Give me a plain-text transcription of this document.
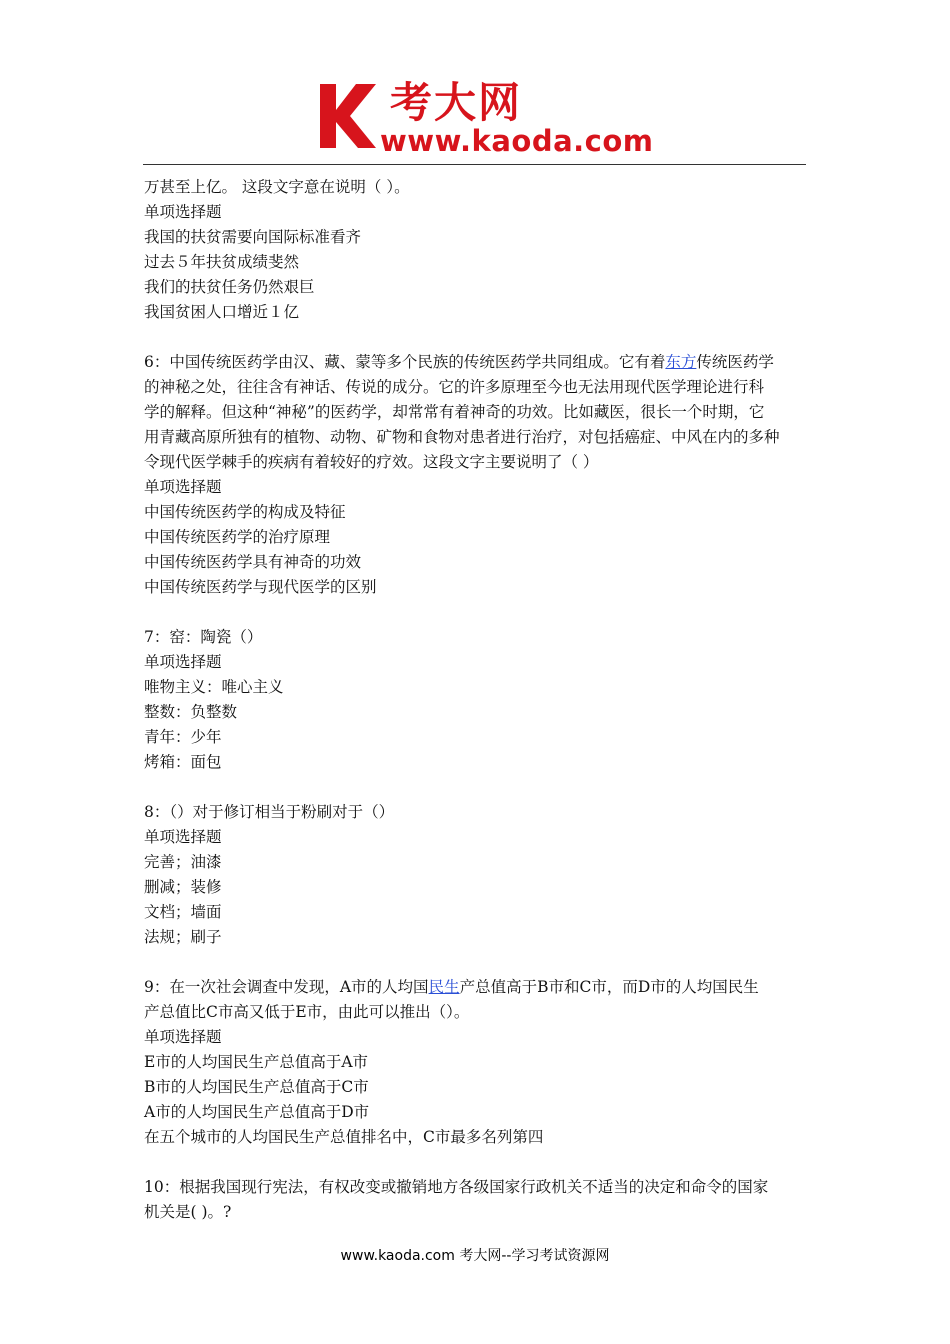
考大网
www.kaoda.com
万甚至上亿。 这段文字意在说明（ ）。
单项选择题
我国的扶贫需要向国际标准看齐
过去５年扶贫成绩斐然
我们的扶贫任务仍然艰巨
我国贫困人口增近１亿
6：中国传统医药学由汉、藏、蒙等多个民族的传统医药学共同组成。它有着东方传统医药学
的神秘之处，往往含有神话、传说的成分。它的许多原理至今也无法用现代医学理论进行科
学的解释。但这种“神秘”的医药学，却常常有着神奇的功效。比如藏医，很长一个时期，它
用青藏高原所独有的植物、动物、矿物和食物对患者进行治疗，对包括癌症、中风在内的多种
令现代医学棘手的疾病有着较好的疗效。这段文字主要说明了（ ）
单项选择题
中国传统医药学的构成及特征
中国传统医药学的治疗原理
中国传统医药学具有神奇的功效
中国传统医药学与现代医学的区别
7：窑：陶瓷（）
单项选择题
唯物主义：唯心主义
整数：负整数
青年：少年
烤箱：面包
8：（）对于修订相当于粉刷对于（）
单项选择题
完善；油漆
删减；装修
文档；墙面
法规；刷子
9：在一次社会调查中发现，A市的人均国民生产总值高于B市和C市，而D市的人均国民生
产总值比C市高又低于E市，由此可以推出（）。
单项选择题
E市的人均国民生产总值高于A市
B市的人均国民生产总值高于C市
A市的人均国民生产总值高于D市
在五个城市的人均国民生产总值排名中，C市最多名列第四
10：根据我国现行宪法，有权改变或撤销地方各级国家行政机关不适当的决定和命令的国家
机关是( )。?
www.kaoda.com 考大网--学习考试资源网
